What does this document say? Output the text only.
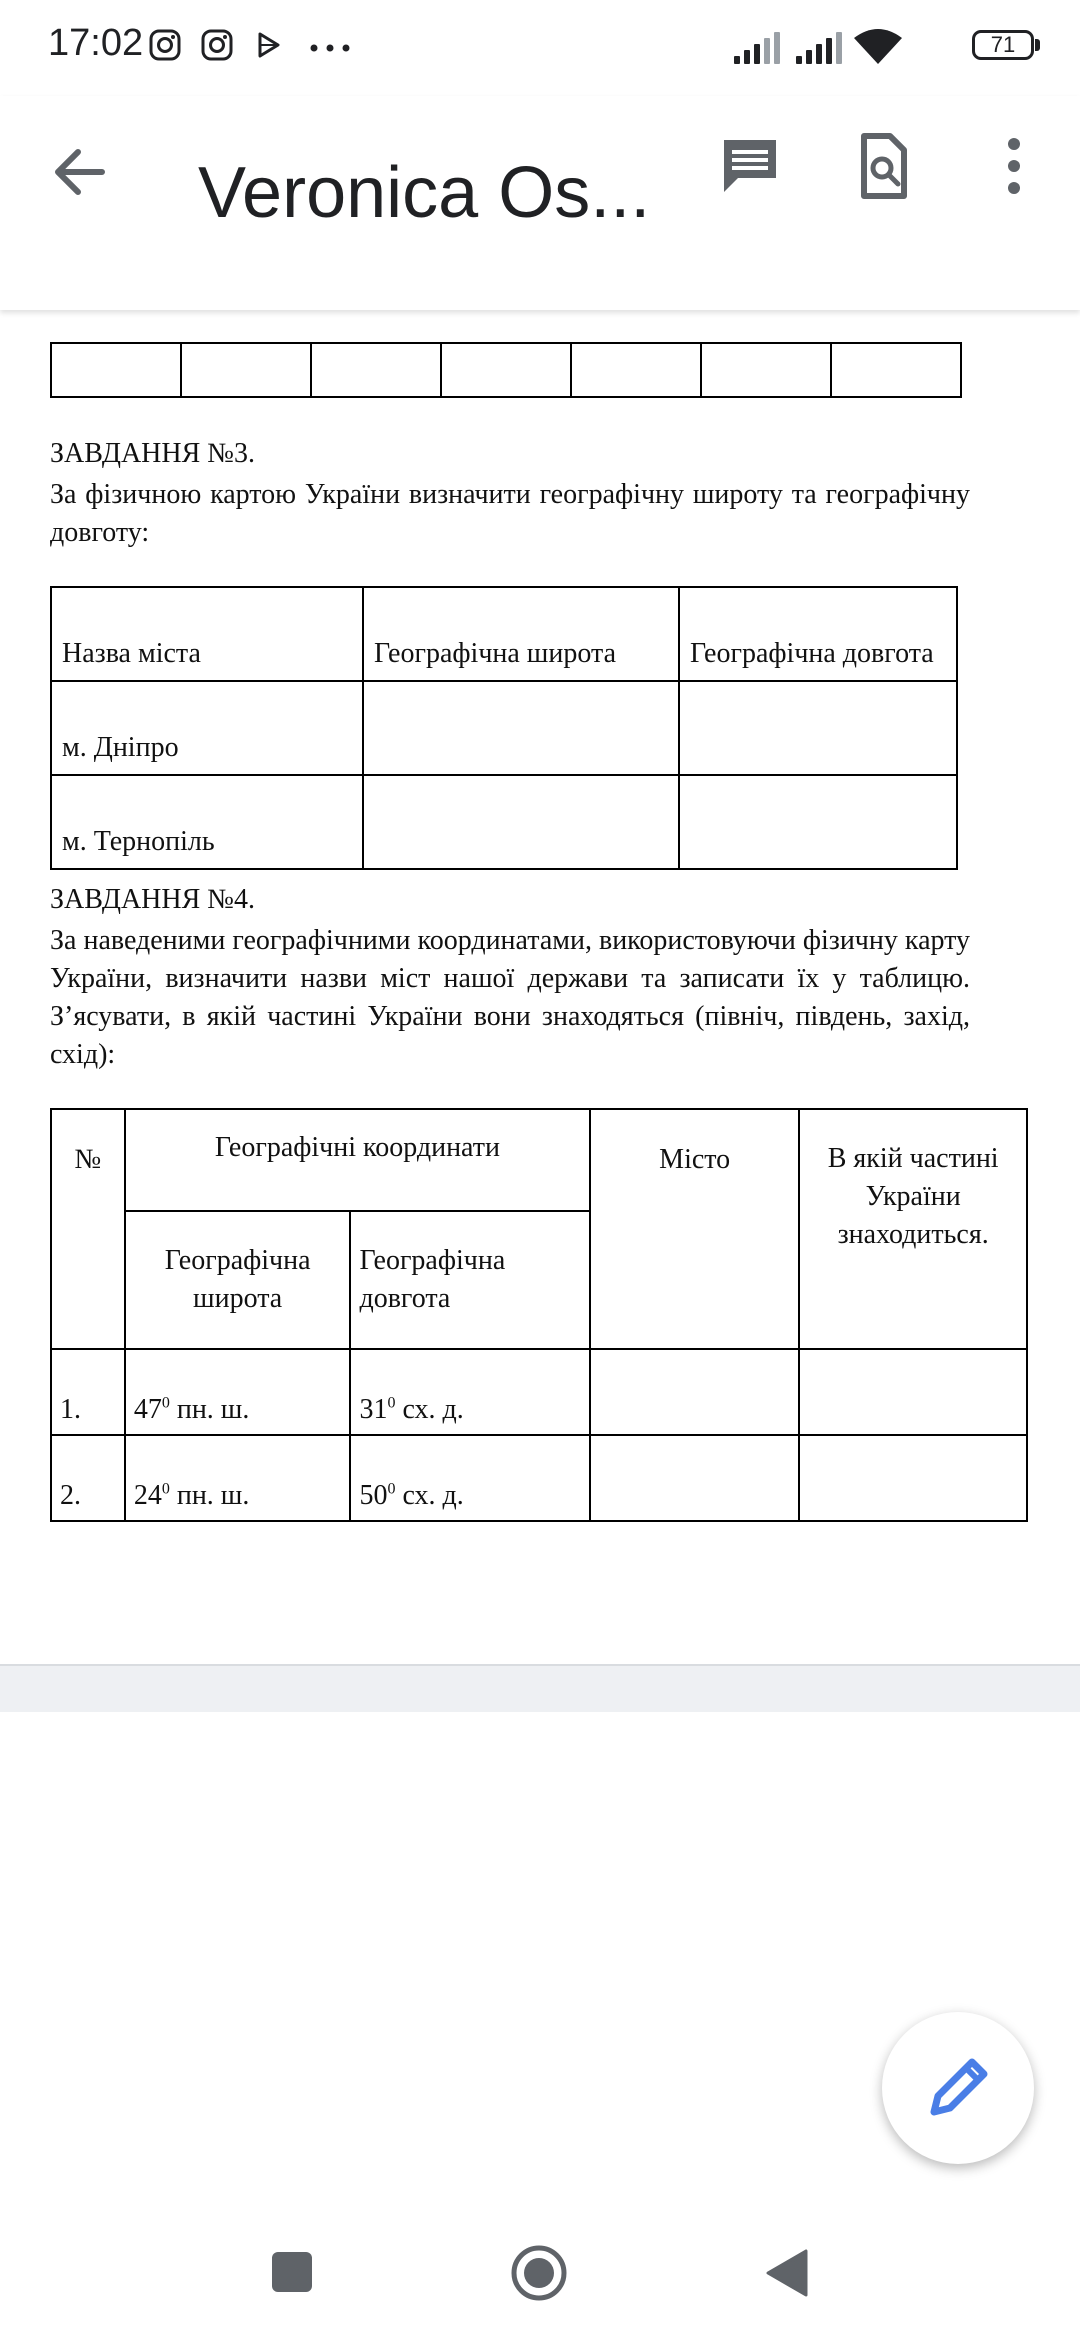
17:02	71
Veronica Os...

ЗАВДАННЯ №3.
За фізичною картою України визначити географічну широту та географічну довготу:
Назва міста	Географічна широта	Географічна довгота
м. Дніпро		
м. Тернопіль		
ЗАВДАННЯ №4.
За наведеними географічними координатами, використовуючи фізичну карту України, визначити назви міст нашої держави та записати їх у таблицю. З’ясувати, в якій частині України вони знаходяться (північ, південь, захід, схід):
№	Географічні координати		Місто	В якій частині України знаходиться.
	Географічна широта	Географічна довгота		
1.	$47^0$ пн. ш.	$31^0$ сх. д.		
2.	$24^0$ пн. ш.	$50^0$ сх. д.		
